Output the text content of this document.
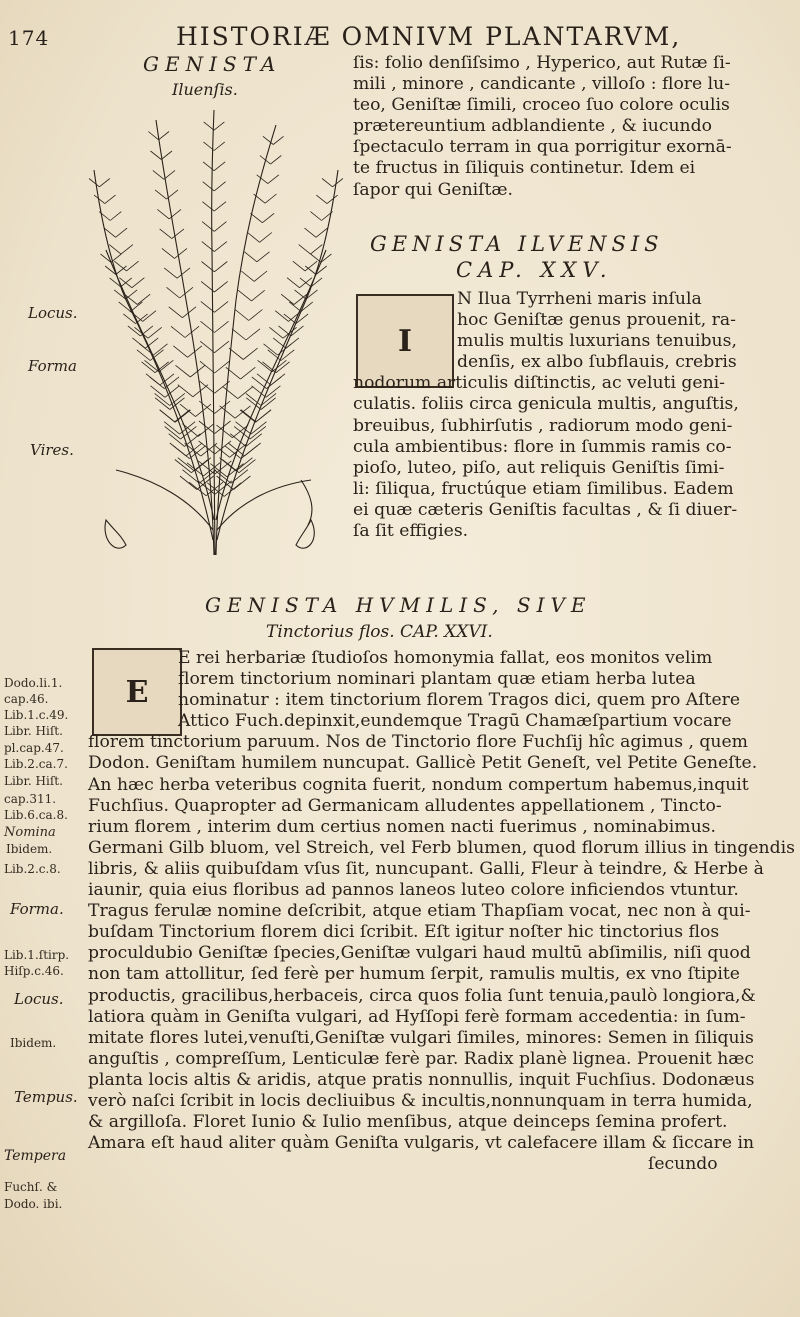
174	HISTORIÆ OMNIVM PLANTARVM,
GENISTA
Iluenſis.
ſis: folio denſiſsimo , Hyperico, aut Rutæ ſi-
mili , minore , candicante , villoſo : flore lu-
teo, Geniſtæ ſimili, croceo ſuo colore oculis
prætereuntium adblandiente , & iucundo
ſpectaculo terram in qua porrigitur exornā-
te fructus in ſiliquis continetur. Idem ei
ſapor qui Geniſtæ.
GENISTA ILVENSIS
CAP. XXV.
I
N Ilua Tyrrheni maris inſula
hoc Geniſtæ genus prouenit, ra-
mulis multis luxurians tenuibus,
denſis, ex albo ſubflauis, crebris
nodorum articulis diſtinctis, ac veluti geni-
culatis. foliis circa genicula multis, anguſtis,
breuibus, ſubhirſutis , radiorum modo geni-
cula ambientibus: flore in ſummis ramis co-
pioſo, luteo, piſo, aut reliquis Geniſtis ſimi-
li: ſiliqua, fructúque etiam ſimilibus. Eadem
ei quæ cæteris Geniſtis facultas , & ſi diuer-
ſa ſit effigies.
Locus.
Forma
Vires.
GENISTA HVMILIS, SIVE
Tinctorius flos. CAP. XXVI.
E
E rei herbariæ ſtudioſos homonymia fallat, eos monitos velim
florem tinctorium nominari plantam quæ etiam herba lutea
nominatur : item tinctorium florem Tragos dici, quem pro Aſtere
Attico Fuch.depinxit,eundemque Tragū Chamæſpartium vocare
florem tinctorium paruum. Nos de Tinctorio flore Fuchſij hîc agimus , quem
Dodon. Geniſtam humilem nuncupat. Gallicè Petit Geneſt, vel Petite Geneſte.
An hæc herba veteribus cognita fuerit, nondum compertum habemus,inquit
Fuchſius. Quapropter ad Germanicam alludentes appellationem , Tincto-
rium florem , interim dum certius nomen nacti fuerimus , nominabimus.
Germani Gilb bluom, vel Streich, vel Ferb blumen, quod florum illius in tingendis
libris, & aliis quibuſdam vſus ſit, nuncupant. Galli, Fleur à teindre, & Herbe à
iaunir, quia eius floribus ad pannos laneos luteo colore inficiendos vtuntur.
Tragus ferulæ nomine deſcribit, atque etiam Thapſiam vocat, nec non à qui-
buſdam Tinctorium florem dici ſcribit. Eſt igitur noſter hic tinctorius flos
proculdubio Geniſtæ ſpecies,Geniſtæ vulgari haud multū abſimilis, niſi quod
non tam attollitur, ſed ferè per humum ſerpit, ramulis multis, ex vno ſtipite
productis, gracilibus,herbaceis, circa quos folia ſunt tenuia,paulò longiora,&
latiora quàm in Geniſta vulgari, ad Hyſſopi ferè formam accedentia: in ſum-
mitate flores lutei,venuſti,Geniſtæ vulgari ſimiles, minores: Semen in ſiliquis
anguſtis , compreſſum, Lenticulæ ferè par. Radix planè lignea. Prouenit hæc
planta locis altis & aridis, atque pratis nonnullis, inquit Fuchſius. Dodonæus
verò naſci ſcribit in locis decliuibus & incultis,nonnunquam in terra humida,
& argilloſa. Floret Iunio & Iulio menſibus, atque deinceps ſemina profert.
Amara eſt haud aliter quàm Geniſta vulgaris, vt calefacere illam & ſiccare in
ſecundo
Dodo.li.1.
cap.46.
Lib.1.c.49.
Libr. Hiſt.
pl.cap.47.
Lib.2.ca.7.
Libr. Hiſt.
cap.311.
Lib.6.ca.8.
Nomina
Ibidem.
Lib.2.c.8.
Forma.
Lib.1.ſtirp.
Hiſp.c.46.
Locus.
Ibidem.
Tempus.
Tempera
Fuchſ. &
Dodo. ibi.
